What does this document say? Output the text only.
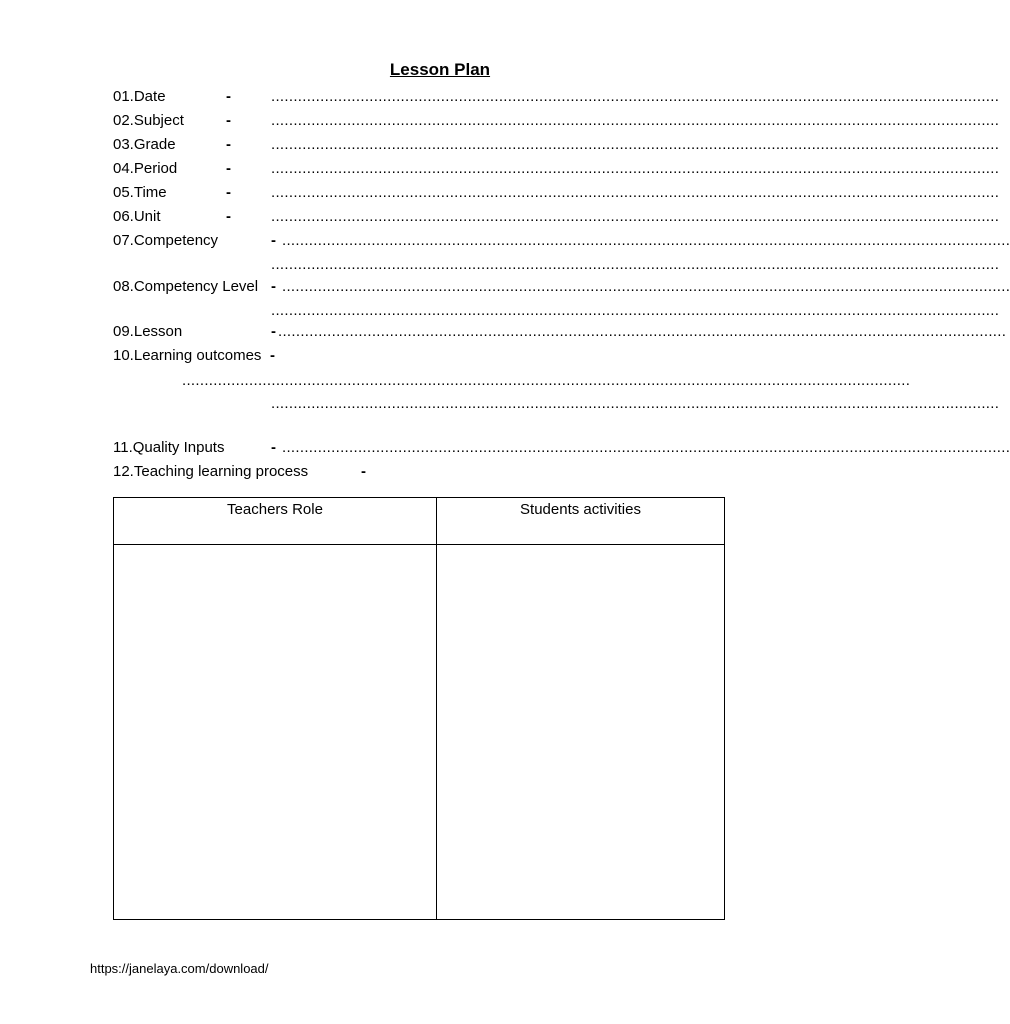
Lesson Plan
01.Date	-	...................................................................................................................................................................
02.Subject	-	...................................................................................................................................................................
03.Grade	-	...................................................................................................................................................................
04.Period	-	...................................................................................................................................................................
05.Time	-	...................................................................................................................................................................
06.Unit	-	...................................................................................................................................................................
07.Competency	- ...................................................................................................................................................................
...................................................................................................................................................................
08.Competency Level - ...................................................................................................................................................................
...................................................................................................................................................................
09.Lesson	- ...................................................................................................................................................................
10.Learning outcomes -
...................................................................................................................................................................
...................................................................................................................................................................
11.Quality Inputs	- ...................................................................................................................................................................
12.Teaching learning process	-
Teachers Role	Students activities

https://janelaya.com/download/
